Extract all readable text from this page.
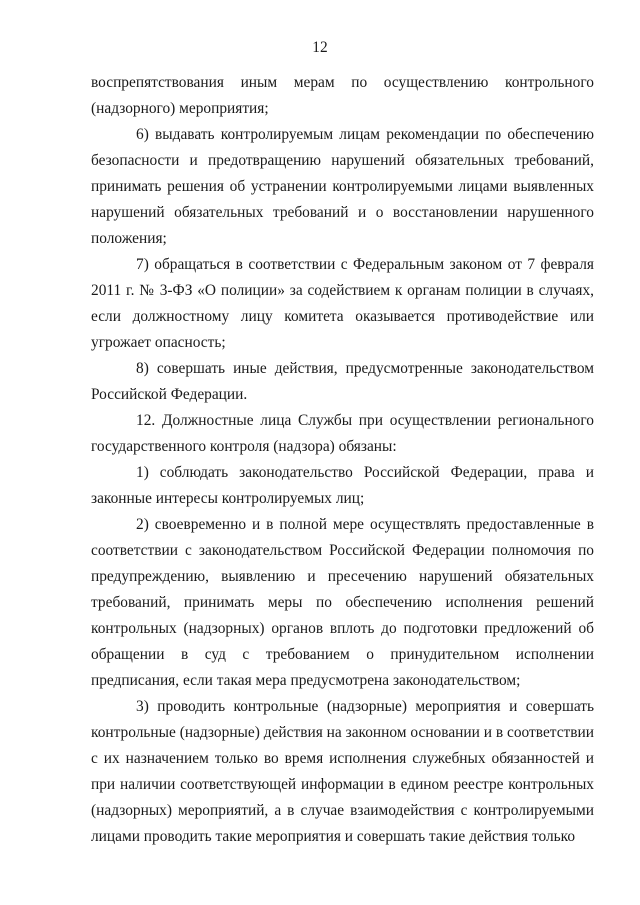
12

воспрепятствования иным мерам по осуществлению контрольного (надзорного) мероприятия;

6) выдавать контролируемым лицам рекомендации по обеспечению безопасности и предотвращению нарушений обязательных требований, принимать решения об устранении контролируемыми лицами выявленных нарушений обязательных требований и о восстановлении нарушенного положения;

7) обращаться в соответствии с Федеральным законом от 7 февраля 2011 г. № 3-ФЗ «О полиции» за содействием к органам полиции в случаях, если должностному лицу комитета оказывается противодействие или угрожает опасность;

8) совершать иные действия, предусмотренные законодательством Российской Федерации.

12. Должностные лица Службы при осуществлении регионального государственного контроля (надзора) обязаны:

1) соблюдать законодательство Российской Федерации, права и законные интересы контролируемых лиц;

2) своевременно и в полной мере осуществлять предоставленные в соответствии с законодательством Российской Федерации полномочия по предупреждению, выявлению и пресечению нарушений обязательных требований, принимать меры по обеспечению исполнения решений контрольных (надзорных) органов вплоть до подготовки предложений об обращении в суд с требованием о принудительном исполнении предписания, если такая мера предусмотрена законодательством;

3) проводить контрольные (надзорные) мероприятия и совершать контрольные (надзорные) действия на законном основании и в соответствии с их назначением только во время исполнения служебных обязанностей и при наличии соответствующей информации в едином реестре контрольных (надзорных) мероприятий, а в случае взаимодействия с контролируемыми лицами проводить такие мероприятия и совершать такие действия только
